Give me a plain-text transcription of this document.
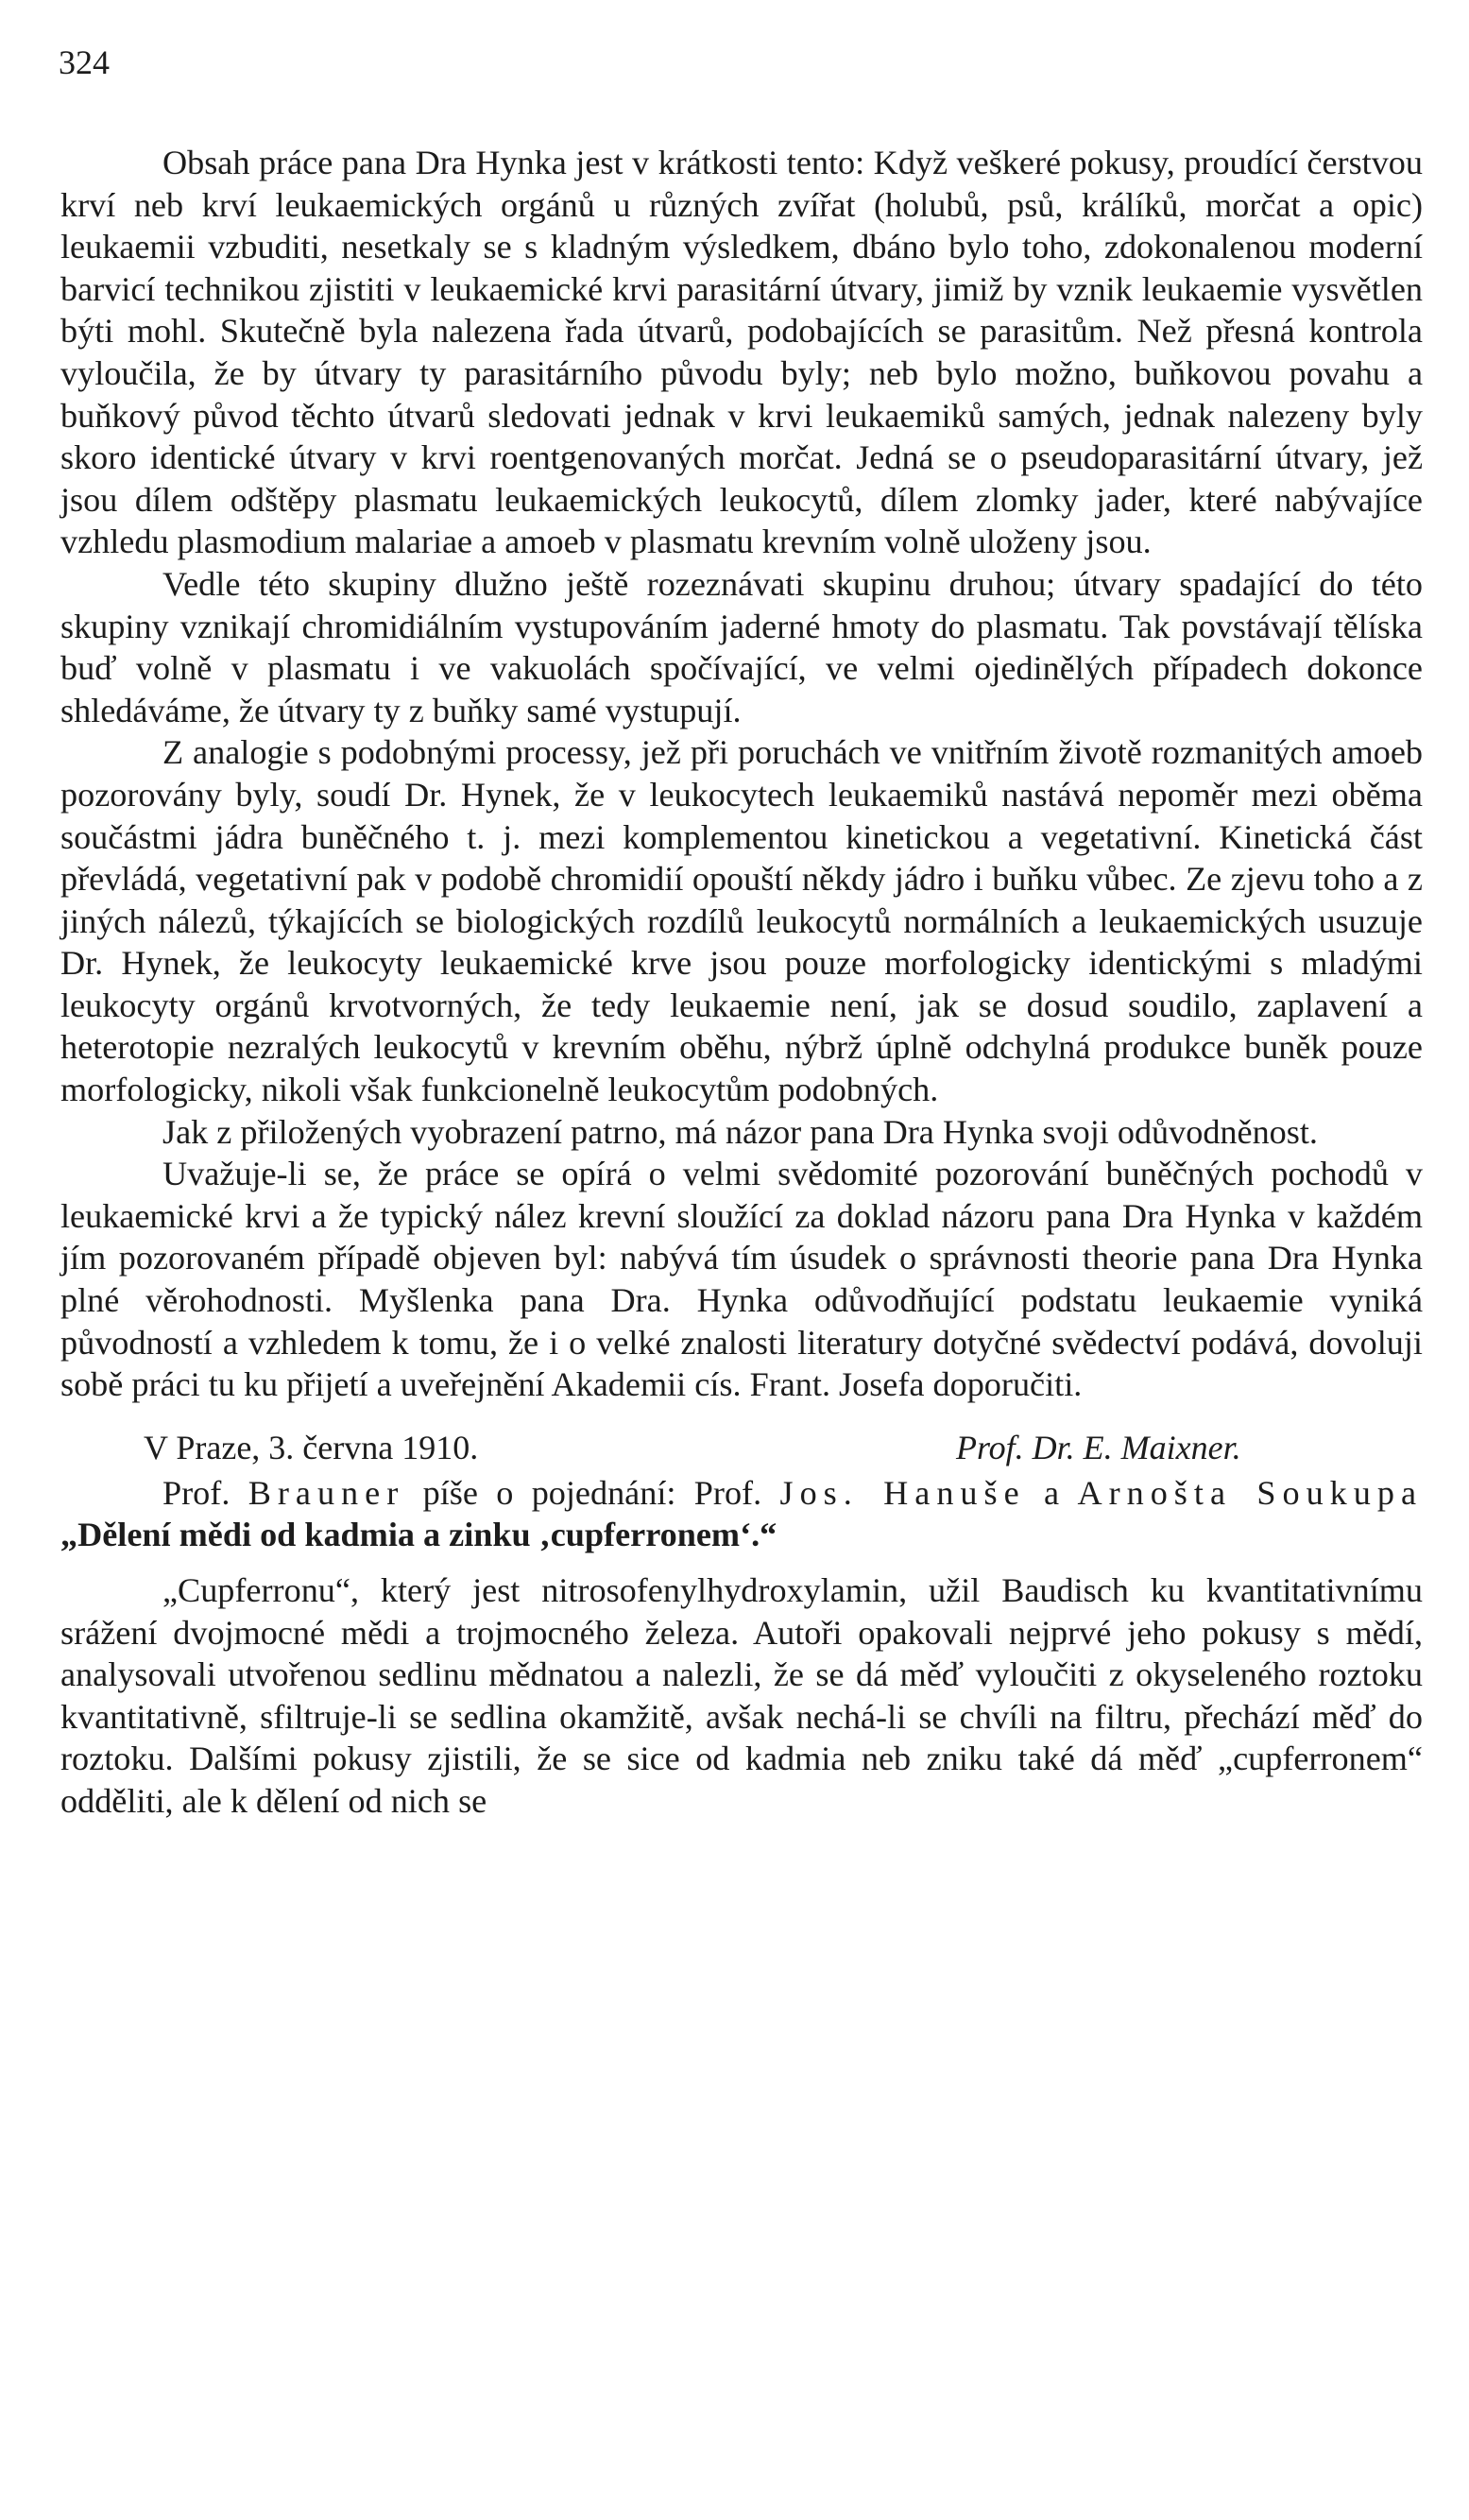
324

Obsah práce pana Dra Hynka jest v krátkosti tento: Když veškeré pokusy, proudící čerstvou krví neb krví leukaemických orgánů u různých zvířat (holubů, psů, králíků, morčat a opic) leukaemii vzbuditi, nesetkaly se s kladným výsledkem, dbáno bylo toho, zdokonalenou moderní barvicí technikou zjistiti v leukaemické krvi parasitární útvary, jimiž by vznik leukaemie vysvětlen býti mohl. Skutečně byla nalezena řada útvarů, podobajících se parasitům. Než přesná kontrola vyloučila, že by útvary ty parasitárního původu byly; neb bylo možno, buňkovou povahu a buňkový původ těchto útvarů sledovati jednak v krvi leukaemiků samých, jednak nalezeny byly skoro identické útvary v krvi roentgenovaných morčat. Jedná se o pseudoparasitární útvary, jež jsou dílem odštěpy plasmatu leukaemických leukocytů, dílem zlomky jader, které nabývajíce vzhledu plasmodium malariae a amoeb v plasmatu krevním volně uloženy jsou.

Vedle této skupiny dlužno ještě rozeznávati skupinu druhou; útvary spadající do této skupiny vznikají chromidiálním vystupováním jaderné hmoty do plasmatu. Tak povstávají tělíska buď volně v plasmatu i ve vakuolách spočívající, ve velmi ojedinělých případech dokonce shledáváme, že útvary ty z buňky samé vystupují.

Z analogie s podobnými processy, jež při poruchách ve vnitřním životě rozmanitých amoeb pozorovány byly, soudí Dr. Hynek, že v leukocytech leukaemiků nastává nepoměr mezi oběma součástmi jádra buněčného t. j. mezi komplementou kinetickou a vegetativní. Kinetická část převládá, vegetativní pak v podobě chromidií opouští někdy jádro i buňku vůbec. Ze zjevu toho a z jiných nálezů, týkajících se biologických rozdílů leukocytů normálních a leukaemických usuzuje Dr. Hynek, že leukocyty leukaemické krve jsou pouze morfologicky identickými s mladými leukocyty orgánů krvotvorných, že tedy leukaemie není, jak se dosud soudilo, zaplavení a heterotopie nezralých leukocytů v krevním oběhu, nýbrž úplně odchylná produkce buněk pouze morfologicky, nikoli však funkcionelně leukocytům podobných.

Jak z přiložených vyobrazení patrno, má názor pana Dra Hynka svoji odůvodněnost.

Uvažuje-li se, že práce se opírá o velmi svědomité pozorování buněčných pochodů v leukaemické krvi a že typický nález krevní sloužící za doklad názoru pana Dra Hynka v každém jím pozorovaném případě objeven byl: nabývá tím úsudek o správnosti theorie pana Dra Hynka plné věrohodnosti. Myšlenka pana Dra. Hynka odůvodňující podstatu leukaemie vyniká původností a vzhledem k tomu, že i o velké znalosti literatury dotyčné svědectví podává, dovoluji sobě práci tu ku přijetí a uveřejnění Akademii cís. Frant. Josefa doporučiti.

V Praze, 3. června 1910.	Prof. Dr. E. Maixner.

Prof. Brauner píše o pojednání: Prof. Jos. Hanuše a Arnošta Soukupa „Dělení mědi od kadmia a zinku ‚cupferronem‘.“

„Cupferronu“, který jest nitrosofenylhydroxylamin, užil Baudisch ku kvantitativnímu srážení dvojmocné mědi a trojmocného železa. Autoři opakovali nejprvé jeho pokusy s mědí, analysovali utvořenou sedlinu mědnatou a nalezli, že se dá měď vyloučiti z okyseleného roztoku kvantitativně, sfiltruje-li se sedlina okamžitě, avšak nechá-li se chvíli na filtru, přechází měď do roztoku. Dalšími pokusy zjistili, že se sice od kadmia neb zniku také dá měď „cupferronem“ odděliti, ale k dělení od nich se
